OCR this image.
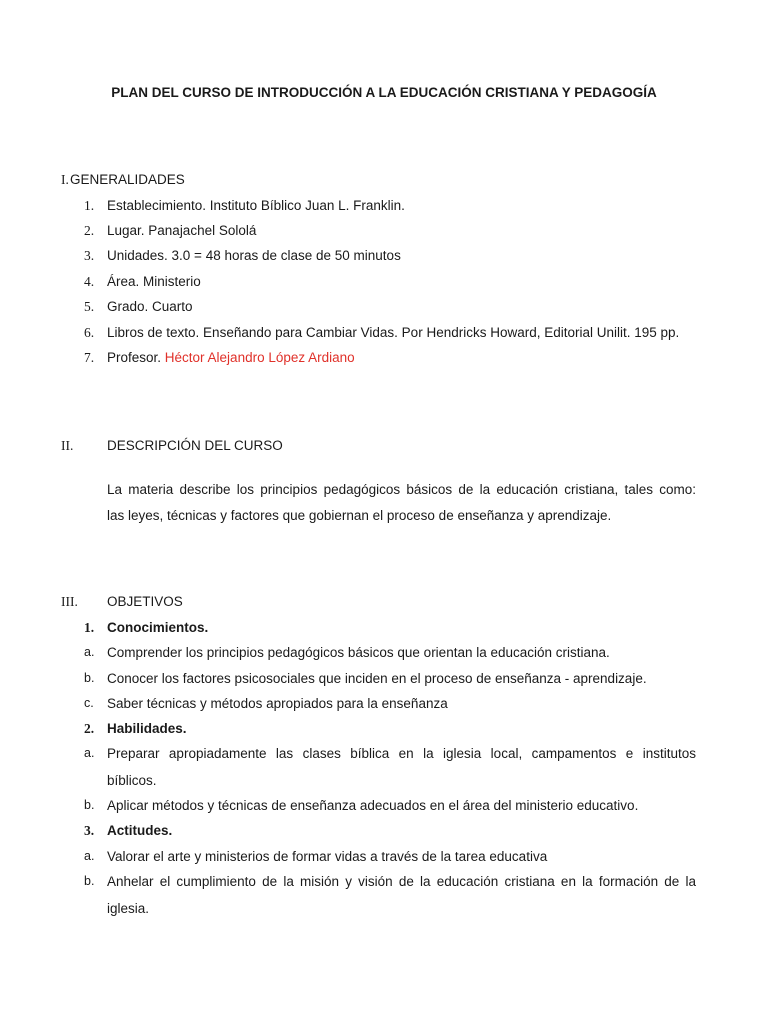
PLAN DEL CURSO DE INTRODUCCIÓN A LA EDUCACIÓN CRISTIANA Y PEDAGOGÍA
I. GENERALIDADES
1. Establecimiento. Instituto Bíblico Juan L. Franklin.
2. Lugar. Panajachel Sololá
3. Unidades. 3.0 = 48 horas de clase de 50 minutos
4. Área. Ministerio
5. Grado. Cuarto
6. Libros de texto. Enseñando para Cambiar Vidas. Por Hendricks Howard, Editorial Unilit. 195 pp.
7. Profesor. Héctor Alejandro López Ardiano
II. DESCRIPCIÓN DEL CURSO
La materia describe los principios pedagógicos básicos de la educación cristiana, tales como:
las leyes, técnicas y factores que gobiernan el proceso de enseñanza y aprendizaje.
III. OBJETIVOS
1. Conocimientos.
a. Comprender los principios pedagógicos básicos que orientan la educación cristiana.
b. Conocer los factores psicosociales que inciden en el proceso de enseñanza - aprendizaje.
c. Saber técnicas y métodos apropiados para la enseñanza
2. Habilidades.
a. Preparar apropiadamente las clases bíblica en la iglesia local, campamentos e institutos
bíblicos.
b. Aplicar métodos y técnicas de enseñanza adecuados en el área del ministerio educativo.
3. Actitudes.
a. Valorar el arte y ministerios de formar vidas a través de la tarea educativa
b. Anhelar el cumplimiento de la misión y visión de la educación cristiana en la formación de la
iglesia.
